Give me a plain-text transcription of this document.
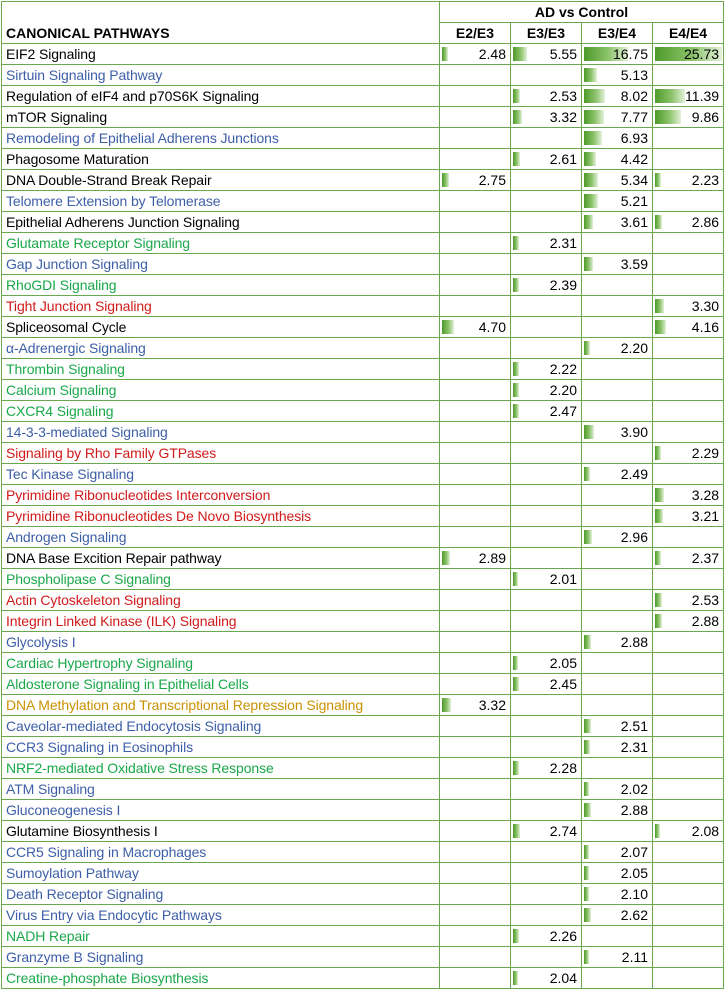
CANONICAL PATHWAYS	AD vs Control			
	E2/E3	E3/E3	E3/E4	E4/E4
EIF2 Signaling	2.48	5.55	16.75	25.73
Sirtuin Signaling Pathway			5.13	
Regulation of eIF4 and p70S6K Signaling		2.53	8.02	11.39
mTOR Signaling		3.32	7.77	9.86
Remodeling of Epithelial Adherens Junctions			6.93	
Phagosome Maturation		2.61	4.42	
DNA Double-Strand Break Repair	2.75		5.34	2.23
Telomere Extension by Telomerase			5.21	
Epithelial Adherens Junction Signaling			3.61	2.86
Glutamate Receptor Signaling		2.31		
Gap Junction Signaling			3.59	
RhoGDI Signaling		2.39		
Tight Junction Signaling				3.30
Spliceosomal Cycle	4.70			4.16
α-Adrenergic Signaling			2.20	
Thrombin Signaling		2.22		
Calcium Signaling		2.20		
CXCR4 Signaling		2.47		
14-3-3-mediated Signaling			3.90	
Signaling by Rho Family GTPases				2.29
Tec Kinase Signaling			2.49	
Pyrimidine Ribonucleotides Interconversion				3.28
Pyrimidine Ribonucleotides De Novo Biosynthesis				3.21
Androgen Signaling			2.96	
DNA Base Excition Repair pathway	2.89			2.37
Phospholipase C Signaling		2.01		
Actin Cytoskeleton Signaling				2.53
Integrin Linked Kinase (ILK) Signaling				2.88
Glycolysis I			2.88	
Cardiac Hypertrophy Signaling		2.05		
Aldosterone Signaling in Epithelial Cells		2.45		
DNA Methylation and Transcriptional Repression Signaling	3.32			
Caveolar-mediated Endocytosis Signaling			2.51	
CCR3 Signaling in Eosinophils			2.31	
NRF2-mediated Oxidative Stress Response		2.28		
ATM Signaling			2.02	
Gluconeogenesis I			2.88	
Glutamine Biosynthesis I		2.74		2.08
CCR5 Signaling in Macrophages			2.07	
Sumoylation Pathway			2.05	
Death Receptor Signaling			2.10	
Virus Entry via Endocytic Pathways			2.62	
NADH Repair		2.26		
Granzyme B Signaling			2.11	
Creatine-phosphate Biosynthesis		2.04		
